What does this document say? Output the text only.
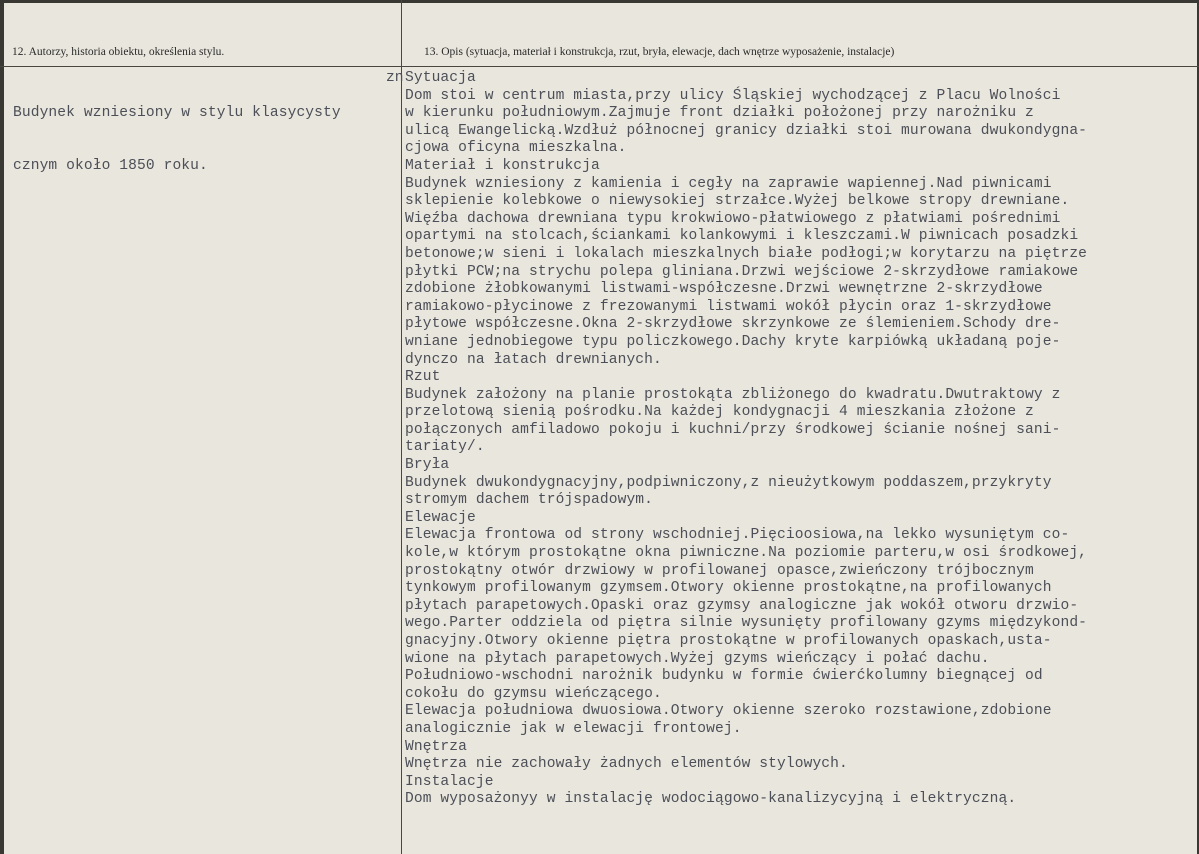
12. Autorzy, historia obiektu, określenia stylu.	13. Opis (sytuacja, materiał i konstrukcja, rzut, bryła, elewacje, dach wnętrze wyposażenie, instalacje)

Budynek wzniesiony w stylu klasycysty

cznym około 1850 roku.

zn Sytuacja
Dom stoi w centrum miasta,przy ulicy Śląskiej wychodzącej z Placu Wolności
w kierunku południowym.Zajmuje front działki położonej przy narożniku z
ulicą Ewangelicką.Wzdłuż północnej granicy działki stoi murowana dwukondygna-
cjowa oficyna mieszkalna.
Materiał i konstrukcja
Budynek wzniesiony z kamienia i cegły na zaprawie wapiennej.Nad piwnicami
sklepienie kolebkowe o niewysokiej strzałce.Wyżej belkowe stropy drewniane.
Więźba dachowa drewniana typu krokwiowo-płatwiowego z płatwiami pośrednimi
opartymi na stolcach,ściankami kolankowymi i kleszczami.W piwnicach posadzki
betonowe;w sieni i lokalach mieszkalnych białe podłogi;w korytarzu na piętrze
płytki PCW;na strychu polepa gliniana.Drzwi wejściowe 2-skrzydłowe ramiakowe
zdobione żłobkowanymi listwami-współczesne.Drzwi wewnętrzne 2-skrzydłowe
ramiakowo-płycinowe z frezowanymi listwami wokół płycin oraz 1-skrzydłowe
płytowe współczesne.Okna 2-skrzydłowe skrzynkowe ze ślemieniem.Schody dre-
wniane jednobiegowe typu policzkowego.Dachy kryte karpiówką układaną poje-
dynczo na łatach drewnianych.
Rzut
Budynek założony na planie prostokąta zbliżonego do kwadratu.Dwutraktowy z
przelotową sienią pośrodku.Na każdej kondygnacji 4 mieszkania złożone z
połączonych amfiladowo pokoju i kuchni/przy środkowej ścianie nośnej sani-
tariaty/.
Bryła
Budynek dwukondygnacyjny,podpiwniczony,z nieużytkowym poddaszem,przykryty
stromym dachem trójspadowym.
Elewacje
Elewacja frontowa od strony wschodniej.Pięcioosiowa,na lekko wysuniętym co-
kole,w którym prostokątne okna piwniczne.Na poziomie parteru,w osi środkowej,
prostokątny otwór drzwiowy w profilowanej opasce,zwieńczony trójbocznym
tynkowym profilowanym gzymsem.Otwory okienne prostokątne,na profilowanych
płytach parapetowych.Opaski oraz gzymsy analogiczne jak wokół otworu drzwio-
wego.Parter oddziela od piętra silnie wysunięty profilowany gzyms międzykond-
gnacyjny.Otwory okienne piętra prostokątne w profilowanych opaskach,usta-
wione na płytach parapetowych.Wyżej gzyms wieńczący i połać dachu.
Południowo-wschodni narożnik budynku w formie ćwierćkolumny biegnącej od
cokołu do gzymsu wieńczącego.
Elewacja południowa dwuosiowa.Otwory okienne szeroko rozstawione,zdobione
analogicznie jak w elewacji frontowej.
Wnętrza
Wnętrza nie zachowały żadnych elementów stylowych.
Instalacje
Dom wyposażonyy w instalację wodociągowo-kanalizycyjną i elektryczną.
